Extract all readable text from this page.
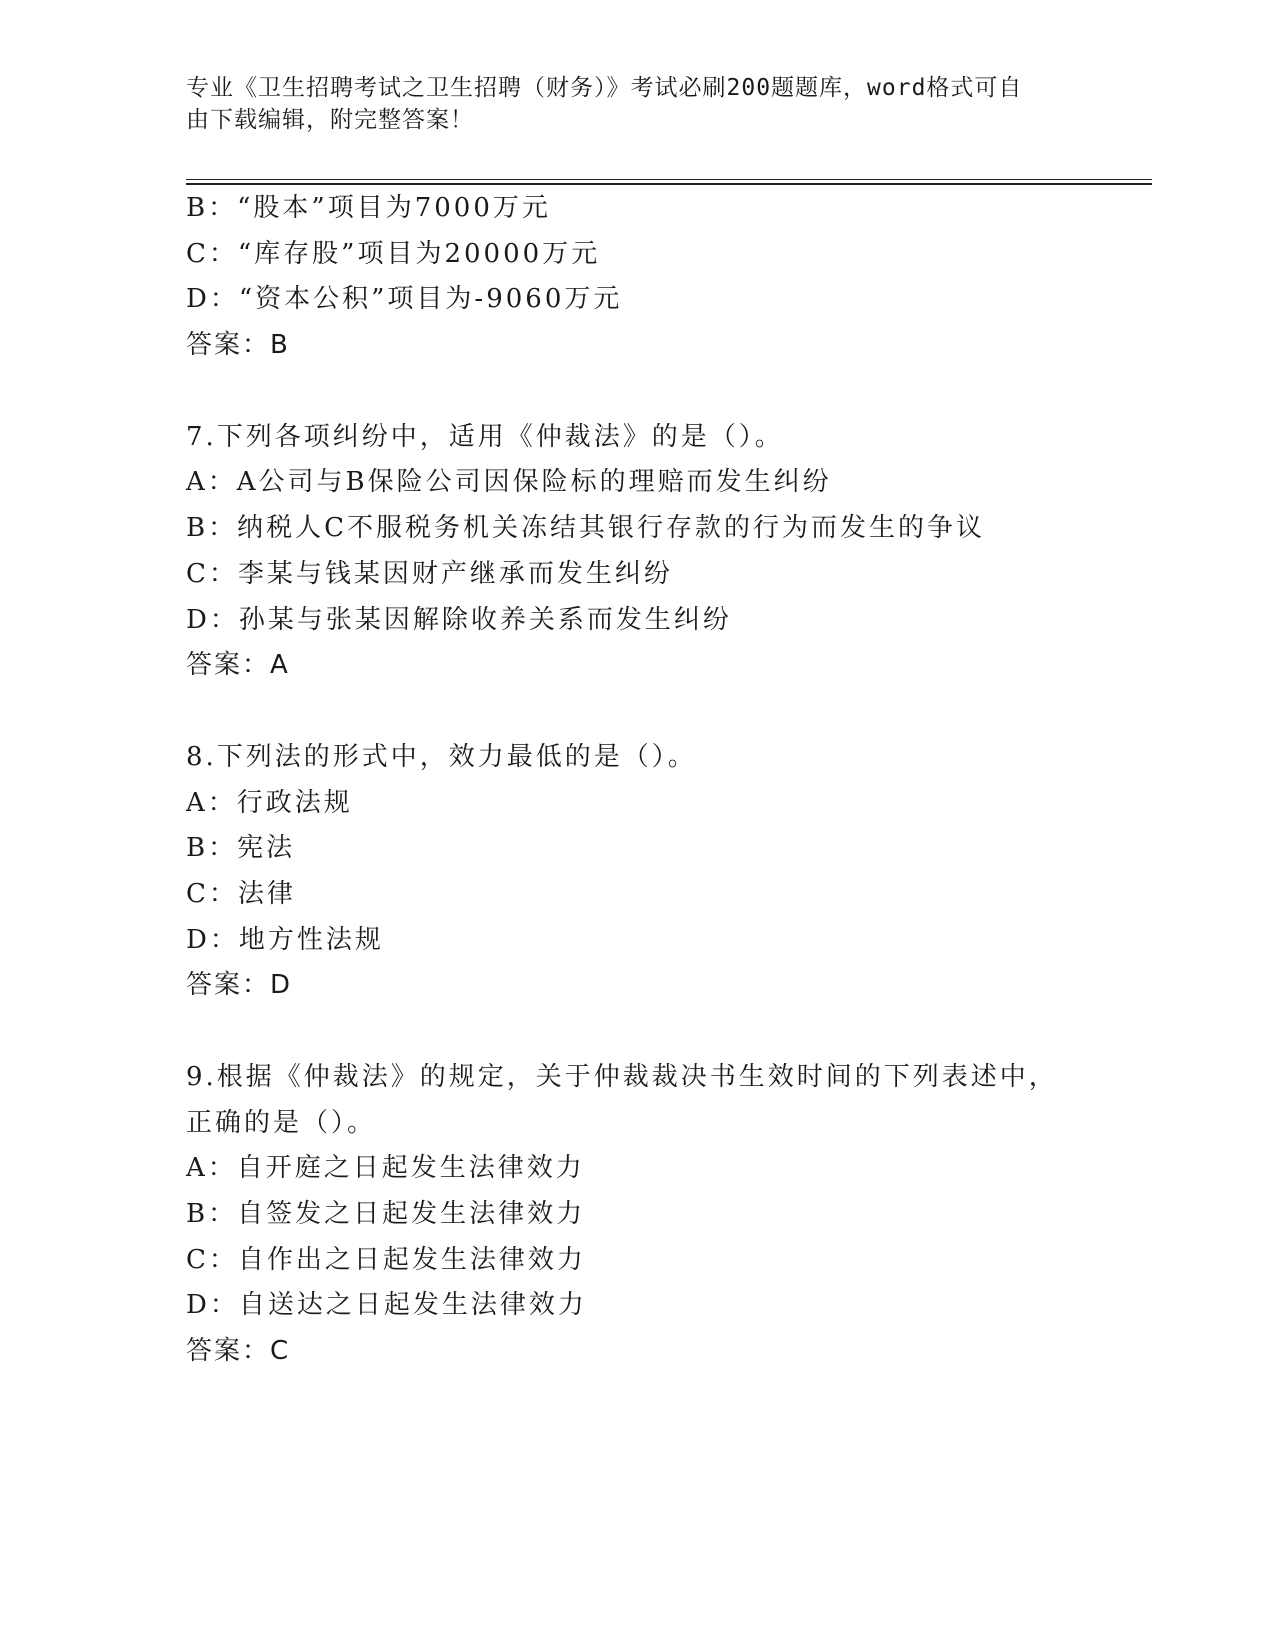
专业《卫生招聘考试之卫生招聘（财务）》考试必刷200题题库，word格式可自
由下载编辑，附完整答案！
B：“股本”项目为7000万元
C：“库存股”项目为20000万元
D：“资本公积”项目为-9060万元
答案：B
7.下列各项纠纷中，适用《仲裁法》的是（）。
A：A公司与B保险公司因保险标的理赔而发生纠纷
B：纳税人C不服税务机关冻结其银行存款的行为而发生的争议
C：李某与钱某因财产继承而发生纠纷
D：孙某与张某因解除收养关系而发生纠纷
答案：A
8.下列法的形式中，效力最低的是（）。
A：行政法规
B：宪法
C：法律
D：地方性法规
答案：D
9.根据《仲裁法》的规定，关于仲裁裁决书生效时间的下列表述中，
正确的是（）。
A：自开庭之日起发生法律效力
B：自签发之日起发生法律效力
C：自作出之日起发生法律效力
D：自送达之日起发生法律效力
答案：C
